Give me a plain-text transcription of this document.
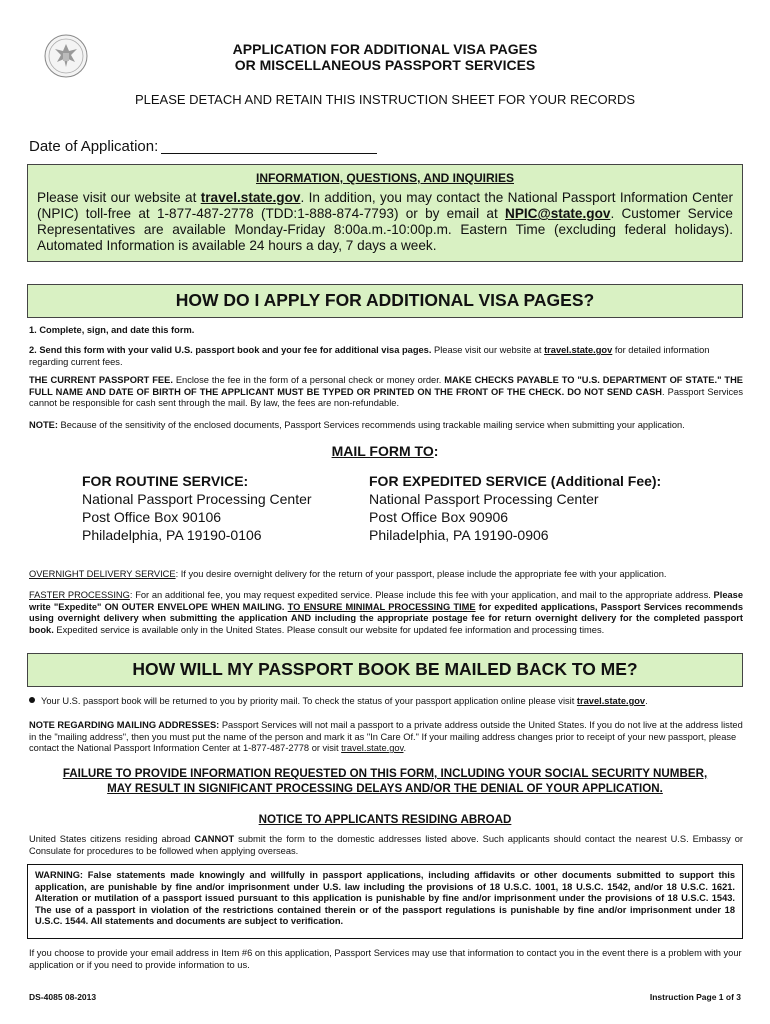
APPLICATION FOR ADDITIONAL VISA PAGES
OR MISCELLANEOUS PASSPORT SERVICES
PLEASE DETACH AND RETAIN THIS INSTRUCTION SHEET FOR YOUR RECORDS
Date of Application:
INFORMATION, QUESTIONS, AND INQUIRIES

Please visit our website at travel.state.gov. In addition, you may contact the National Passport Information Center (NPIC) toll-free at 1-877-487-2778 (TDD:1-888-874-7793) or by email at NPIC@state.gov. Customer Service Representatives are available Monday-Friday 8:00a.m.-10:00p.m. Eastern Time (excluding federal holidays). Automated Information is available 24 hours a day, 7 days a week.

HOW DO I APPLY FOR ADDITIONAL VISA PAGES?
1. Complete, sign, and date this form.

2. Send this form with your valid U.S. passport book and your fee for additional visa pages. Please visit our website at travel.state.gov for detailed information regarding current fees.

THE CURRENT PASSPORT FEE. Enclose the fee in the form of a personal check or money order. MAKE CHECKS PAYABLE TO "U.S. DEPARTMENT OF STATE." THE FULL NAME AND DATE OF BIRTH OF THE APPLICANT MUST BE TYPED OR PRINTED ON THE FRONT OF THE CHECK. DO NOT SEND CASH. Passport Services cannot be responsible for cash sent through the mail. By law, the fees are non-refundable.

NOTE: Because of the sensitivity of the enclosed documents, Passport Services recommends using trackable mailing service when submitting your application.

MAIL FORM TO:
FOR ROUTINE SERVICE:
National Passport Processing Center
Post Office Box 90106
Philadelphia, PA 19190-0106
FOR EXPEDITED SERVICE (Additional Fee):
National Passport Processing Center
Post Office Box 90906
Philadelphia, PA 19190-0906

OVERNIGHT DELIVERY SERVICE: If you desire overnight delivery for the return of your passport, please include the appropriate fee with your application.

FASTER PROCESSING: For an additional fee, you may request expedited service. Please include this fee with your application, and mail to the appropriate address. Please write "Expedite" ON OUTER ENVELOPE WHEN MAILING. TO ENSURE MINIMAL PROCESSING TIME for expedited applications, Passport Services recommends using overnight delivery when submitting the application AND including the appropriate postage fee for return overnight delivery for the completed passport book. Expedited service is available only in the United States. Please consult our website for updated fee information and processing times.

HOW WILL MY PASSPORT BOOK BE MAILED BACK TO ME?
Your U.S. passport book will be returned to you by priority mail. To check the status of your passport application online please visit travel.state.gov.

NOTE REGARDING MAILING ADDRESSES: Passport Services will not mail a passport to a private address outside the United States. If you do not live at the address listed in the "mailing address", then you must put the name of the person and mark it as "In Care Of." If your mailing address changes prior to receipt of your new passport, please contact the National Passport Information Center at 1-877-487-2778 or visit travel.state.gov.

FAILURE TO PROVIDE INFORMATION REQUESTED ON THIS FORM, INCLUDING YOUR SOCIAL SECURITY NUMBER,
MAY RESULT IN SIGNIFICANT PROCESSING DELAYS AND/OR THE DENIAL OF YOUR APPLICATION.
NOTICE TO APPLICANTS RESIDING ABROAD

United States citizens residing abroad CANNOT submit the form to the domestic addresses listed above. Such applicants should contact the nearest U.S. Embassy or Consulate for procedures to be followed when applying overseas.

WARNING: False statements made knowingly and willfully in passport applications, including affidavits or other documents submitted to support this application, are punishable by fine and/or imprisonment under U.S. law including the provisions of 18 U.S.C. 1001, 18 U.S.C. 1542, and/or 18 U.S.C. 1621. Alteration or mutilation of a passport issued pursuant to this application is punishable by fine and/or imprisonment under the provisions of 18 U.S.C. 1543. The use of a passport in violation of the restrictions contained therein or of the passport regulations is punishable by fine and/or imprisonment under 18 U.S.C. 1544. All statements and documents are subject to verification.

If you choose to provide your email address in Item #6 on this application, Passport Services may use that information to contact you in the event there is a problem with your application or if you need to provide information to us.

DS-4085 08-2013	Instruction Page 1 of 3
